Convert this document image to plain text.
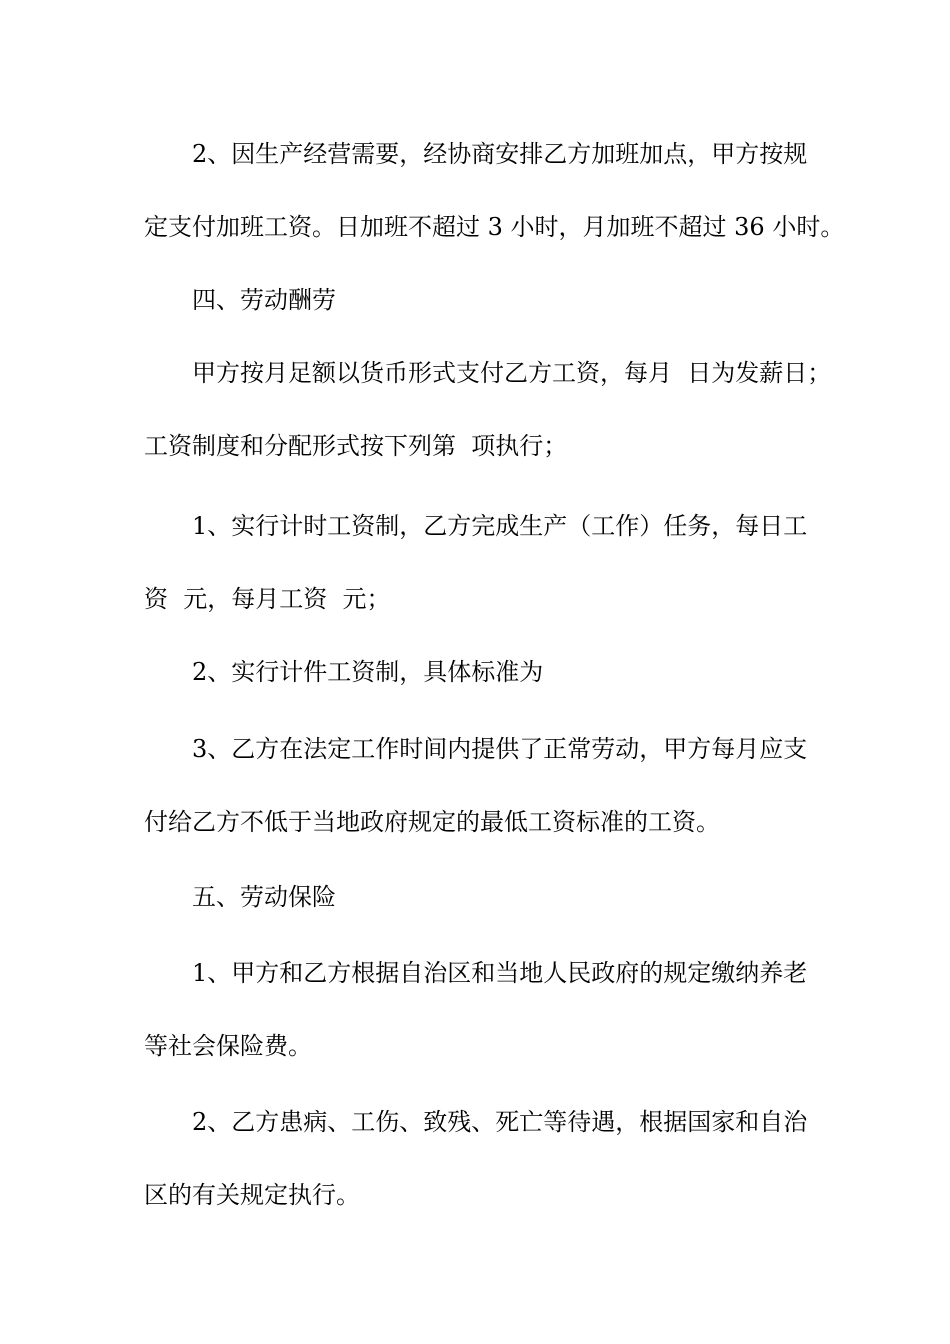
2、因生产经营需要，经协商安排乙方加班加点，甲方按规
定支付加班工资。日加班不超过 3 小时，月加班不超过 36 小时。
四、劳动酬劳
甲方按月足额以货币形式支付乙方工资，每月  日为发薪日；
工资制度和分配形式按下列第  项执行；
1、实行计时工资制，乙方完成生产（工作）任务，每日工
资  元，每月工资  元；
2、实行计件工资制，具体标准为
3、乙方在法定工作时间内提供了正常劳动，甲方每月应支
付给乙方不低于当地政府规定的最低工资标准的工资。
五、劳动保险
1、甲方和乙方根据自治区和当地人民政府的规定缴纳养老
等社会保险费。
2、乙方患病、工伤、致残、死亡等待遇，根据国家和自治
区的有关规定执行。
